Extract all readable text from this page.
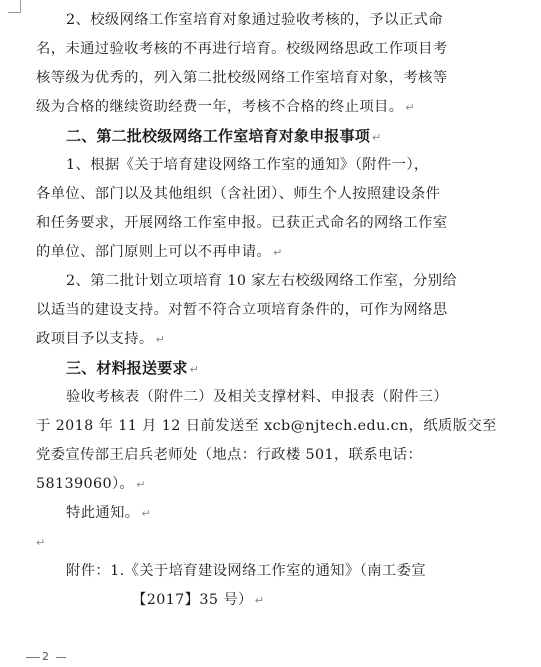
2、校级网络工作室培育对象通过验收考核的，予以正式命
名，未通过验收考核的不再进行培育。校级网络思政工作项目考
核等级为优秀的，列入第二批校级网络工作室培育对象，考核等
级为合格的继续资助经费一年，考核不合格的终止项目。 ↵
二、第二批校级网络工作室培育对象申报事项 ↵
1、根据《关于培育建设网络工作室的通知》（附件一），
各单位、部门以及其他组织（含社团）、师生个人按照建设条件
和任务要求，开展网络工作室申报。已获正式命名的网络工作室
的单位、部门原则上可以不再申请。 ↵
2、第二批计划立项培育 10 家左右校级网络工作室，分别给
以适当的建设支持。对暂不符合立项培育条件的，可作为网络思
政项目予以支持。 ↵
三、材料报送要求 ↵
验收考核表（附件二）及相关支撑材料、申报表（附件三）
于 2018 年 11 月 12 日前发送至 xcb@njtech.edu.cn，纸质版交至
党委宣传部王启兵老师处（地点：行政楼 501，联系电话：
58139060）。 ↵
特此通知。 ↵
↵
附件：1.《关于培育建设网络工作室的通知》（南工委宣
【2017】35 号） ↵
2
